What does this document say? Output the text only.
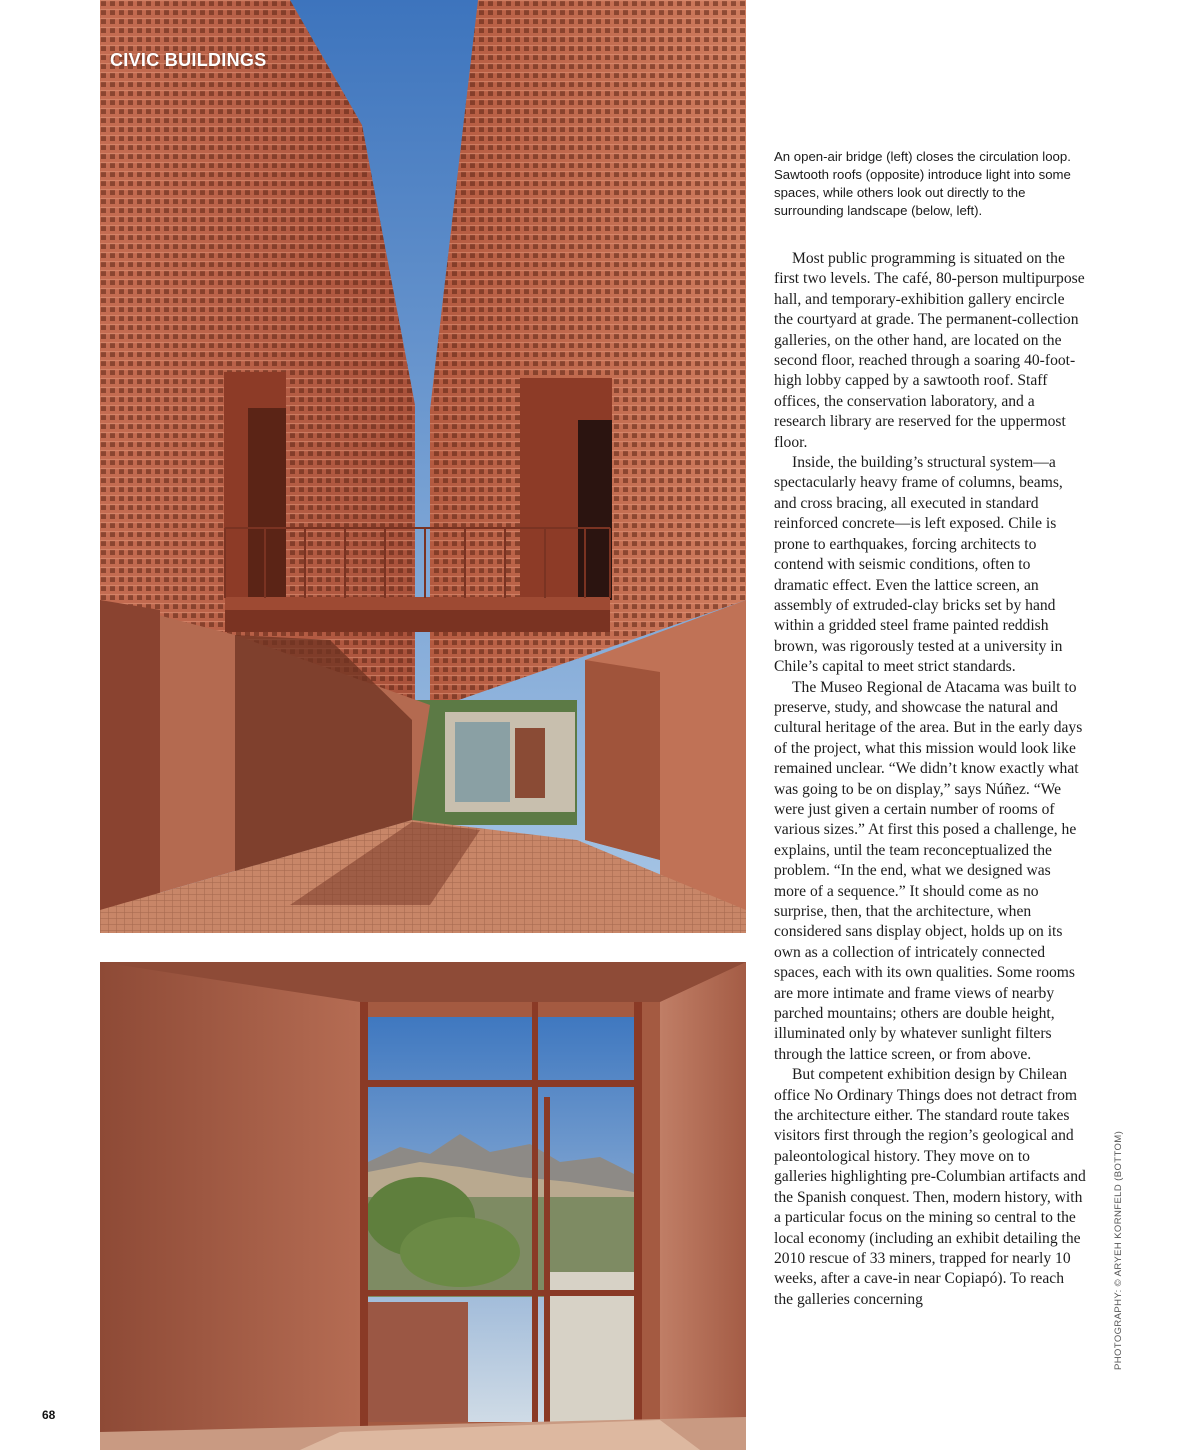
CIVIC BUILDINGS
An open-air bridge (left) closes the circulation loop. Sawtooth roofs (opposite) introduce light into some spaces, while others look out directly to the surrounding landscape (below, left).

Most public programming is situated on the first two levels. The café, 80-person multipurpose hall, and temporary-exhibition gallery encircle the courtyard at grade. The permanent-collection galleries, on the other hand, are located on the second floor, reached through a soaring 40-foot-high lobby capped by a sawtooth roof. Staff offices, the conservation laboratory, and a research library are reserved for the uppermost floor.

Inside, the building’s structural system—a spectacularly heavy frame of columns, beams, and cross bracing, all executed in standard reinforced concrete—is left exposed. Chile is prone to earthquakes, forcing architects to contend with seismic conditions, often to dramatic effect. Even the lattice screen, an assembly of extruded-clay bricks set by hand within a gridded steel frame painted reddish brown, was rigorously tested at a university in Chile’s capital to meet strict standards.

The Museo Regional de Atacama was built to preserve, study, and showcase the natural and cultural heritage of the area. But in the early days of the project, what this mission would look like remained unclear. “We didn’t know exactly what was going to be on display,” says Núñez. “We were just given a certain number of rooms of various sizes.” At first this posed a challenge, he explains, until the team reconceptualized the problem. “In the end, what we designed was more of a sequence.” It should come as no surprise, then, that the architecture, when considered sans display object, holds up on its own as a collection of intricately connected spaces, each with its own qualities. Some rooms are more intimate and frame views of nearby parched mountains; others are double height, illuminated only by whatever sunlight filters through the lattice screen, or from above.

But competent exhibition design by Chilean office No Ordinary Things does not detract from the architecture either. The standard route takes visitors first through the region’s geological and paleontological history. They move on to galleries highlighting pre-Columbian artifacts and the Spanish conquest. Then, modern history, with a particular focus on the mining so central to the local economy (including an exhibit detailing the 2010 rescue of 33 miners, trapped for nearly 10 weeks, after a cave-in near Copiapó). To reach the galleries concerning	PHOTOGRAPHY: © ARYEH KORNFELD (BOTTOM)
68
